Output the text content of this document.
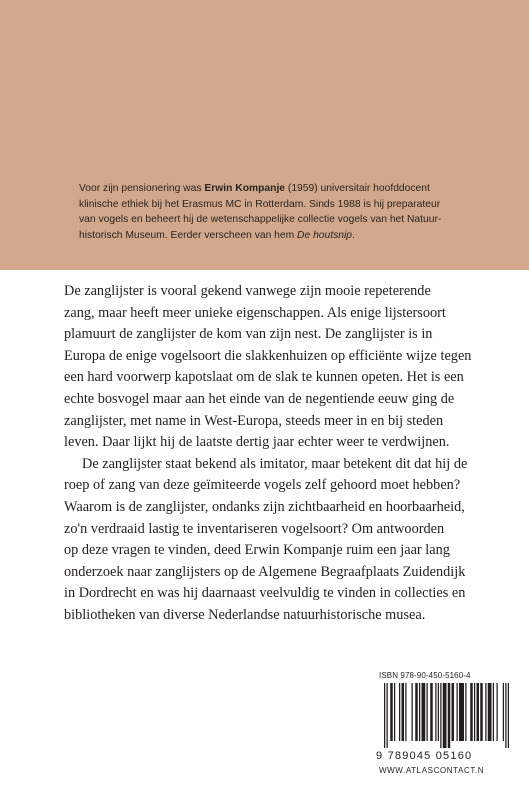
Voor zijn pensionering was Erwin Kompanje (1959) universitair hoofddocent
klinische ethiek bij het Erasmus MC in Rotterdam. Sinds 1988 is hij preparateur
van vogels en beheert hij de wetenschappelijke collectie vogels van het Natuur-
historisch Museum. Eerder verscheen van hem De houtsnip.

De zanglijster is vooral gekend vanwege zijn mooie repeterende
zang, maar heeft meer unieke eigenschappen. Als enige lijstersoort
plamuurt de zanglijster de kom van zijn nest. De zanglijster is in
Europa de enige vogelsoort die slakkenhuizen op efficiënte wijze tegen
een hard voorwerp kapotslaat om de slak te kunnen opeten. Het is een
echte bosvogel maar aan het einde van de negentiende eeuw ging de
zanglijster, met name in West-Europa, steeds meer in en bij steden
leven. Daar lijkt hij de laatste dertig jaar echter weer te verdwijnen.
De zanglijster staat bekend als imitator, maar betekent dit dat hij de
roep of zang van deze geïmiteerde vogels zelf gehoord moet hebben?
Waarom is de zanglijster, ondanks zijn zichtbaarheid en hoorbaarheid,
zo'n verdraaid lastig te inventariseren vogelsoort? Om antwoorden
op deze vragen te vinden, deed Erwin Kompanje ruim een jaar lang
onderzoek naar zanglijsters op de Algemene Begraafplaats Zuidendijk
in Dordrecht en was hij daarnaast veelvuldig te vinden in collecties en
bibliotheken van diverse Nederlandse natuurhistorische musea.
ISBN 978-90-450-5160-4
9 789045 05160
WWW.ATLASCONTACT.N
